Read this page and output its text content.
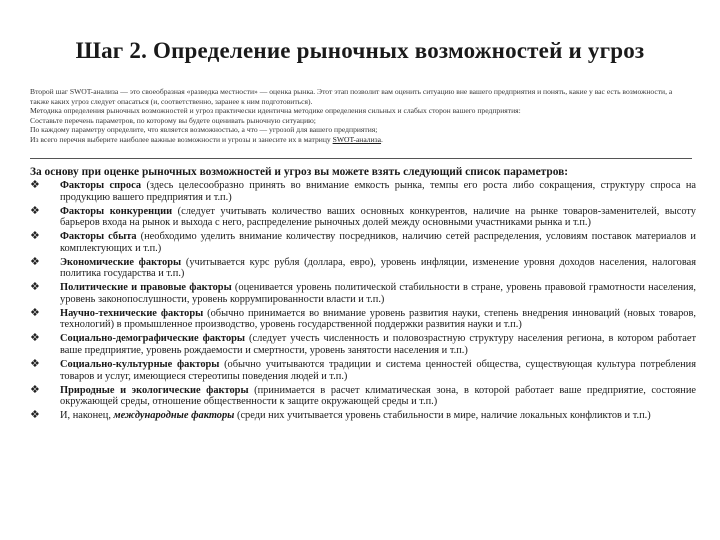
Шаг 2. Определение рыночных возможностей и угроз

Второй шаг SWOT-анализа — это своеобразная «разведка местности» — оценка рынка. Этот этап позволит вам оценить ситуацию вне вашего предприятия и понять, какие у вас есть возможности, а также каких угроз следует опасаться (и, соответственно, заранее к ним подготовиться).

Методика определения рыночных возможностей и угроз практически идентична методике определения сильных и слабых сторон вашего предприятия:

Составьте перечень параметров, по которому вы будете оценивать рыночную ситуацию;

По каждому параметру определите, что является возможностью, а что — угрозой для вашего предприятия;

Из всего перечня выберите наиболее важные возможности и угрозы и занесите их в матрицу SWOT-анализа.

За основу при оценке рыночных возможностей и угроз вы можете взять следующий список параметров:

❖ Факторы спроса (здесь целесообразно принять во внимание емкость рынка, темпы его роста либо сокращения, структуру спроса на продукцию вашего предприятия и т.п.)
❖ Факторы конкуренции (следует учитывать количество ваших основных конкурентов, наличие на рынке товаров-заменителей, высоту барьеров входа на рынок и выхода с него, распределение рыночных долей между основными участниками рынка и т.п.)
❖ Факторы сбыта (необходимо уделить внимание количеству посредников, наличию сетей распределения, условиям поставок материалов и комплектующих и т.п.)
❖ Экономические факторы (учитывается курс рубля (доллара, евро), уровень инфляции, изменение уровня доходов населения, налоговая политика государства и т.п.)
❖ Политические и правовые факторы (оценивается уровень политической стабильности в стране, уровень правовой грамотности населения, уровень законопослушности, уровень коррумпированности власти и т.п.)
❖ Научно-технические факторы (обычно принимается во внимание уровень развития науки, степень внедрения инноваций (новых товаров, технологий) в промышленное производство, уровень государственной поддержки развития науки и т.п.)
❖ Социально-демографические факторы (следует учесть численность и половозрастную структуру населения региона, в котором работает ваше предприятие, уровень рождаемости и смертности, уровень занятости населения и т.п.)
❖ Социально-культурные факторы (обычно учитываются традиции и система ценностей общества, существующая культура потребления товаров и услуг, имеющиеся стереотипы поведения людей и т.п.)
❖ Природные и экологические факторы (принимается в расчет климатическая зона, в которой работает ваше предприятие, состояние окружающей среды, отношение общественности к защите окружающей среды и т.п.)
❖ И, наконец, международные факторы (среди них учитывается уровень стабильности в мире, наличие локальных конфликтов и т.п.)
